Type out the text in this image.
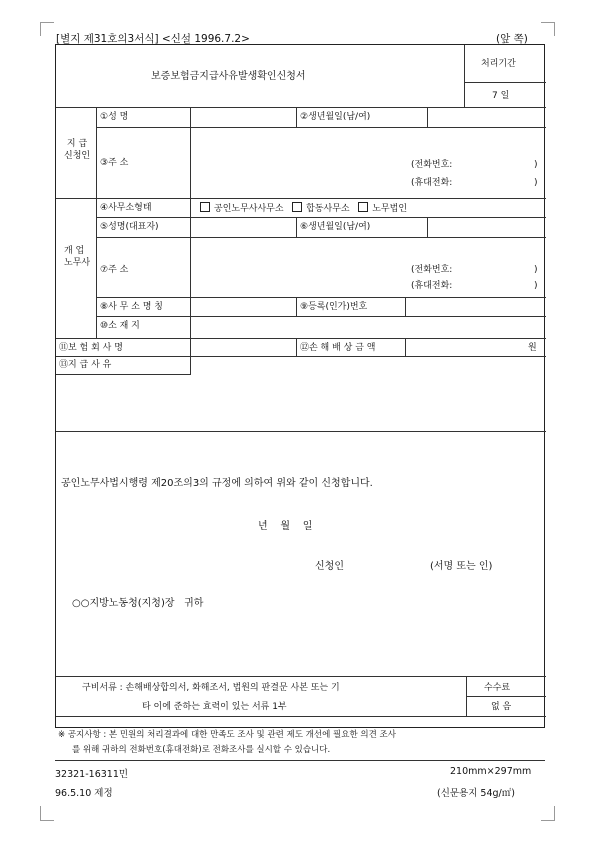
[별지 제31호의3서식] <신설 1996.7.2>	(앞 쪽)
보증보험금지급사유발생확인신청서
처리기간
7 일
지 급
신청인
①성 명	②생년월일(남/여)
③주 소	(전화번호:	)
(휴대전화:	)
개 업
노무사
④사무소형태	공인노무사사무소	합동사무소	노무법인
⑤성명(대표자)	⑥생년월일(남/여)
⑦주 소	(전화번호:	)
(휴대전화:	)
⑧사 무 소 명 칭	⑨등록(인가)번호
⑩소 재 지
⑪보 험 회 사 명	⑫손 해 배 상 금 액	원
⑬지 급 사 유
공인노무사법시행령 제20조의3의 규정에 의하여 위와 같이 신청합니다.
년    월    일
신청인	(서명 또는 인)
○○지방노동청(지청)장   귀하
구비서류 : 손해배상합의서, 화해조서, 법원의 판결문 사본 또는 기
타 이에 준하는 효력이 있는 서류 1부
수수료
없 음
※ 공지사항 : 본 민원의 처리결과에 대한 만족도 조사 및 관련 제도 개선에 필요한 의견 조사
를 위해 귀하의 전화번호(휴대전화)로 전화조사를 실시할 수 있습니다.
32321-16311민	210mm×297mm
96.5.10 제정	(신문용지 54g/㎡)
